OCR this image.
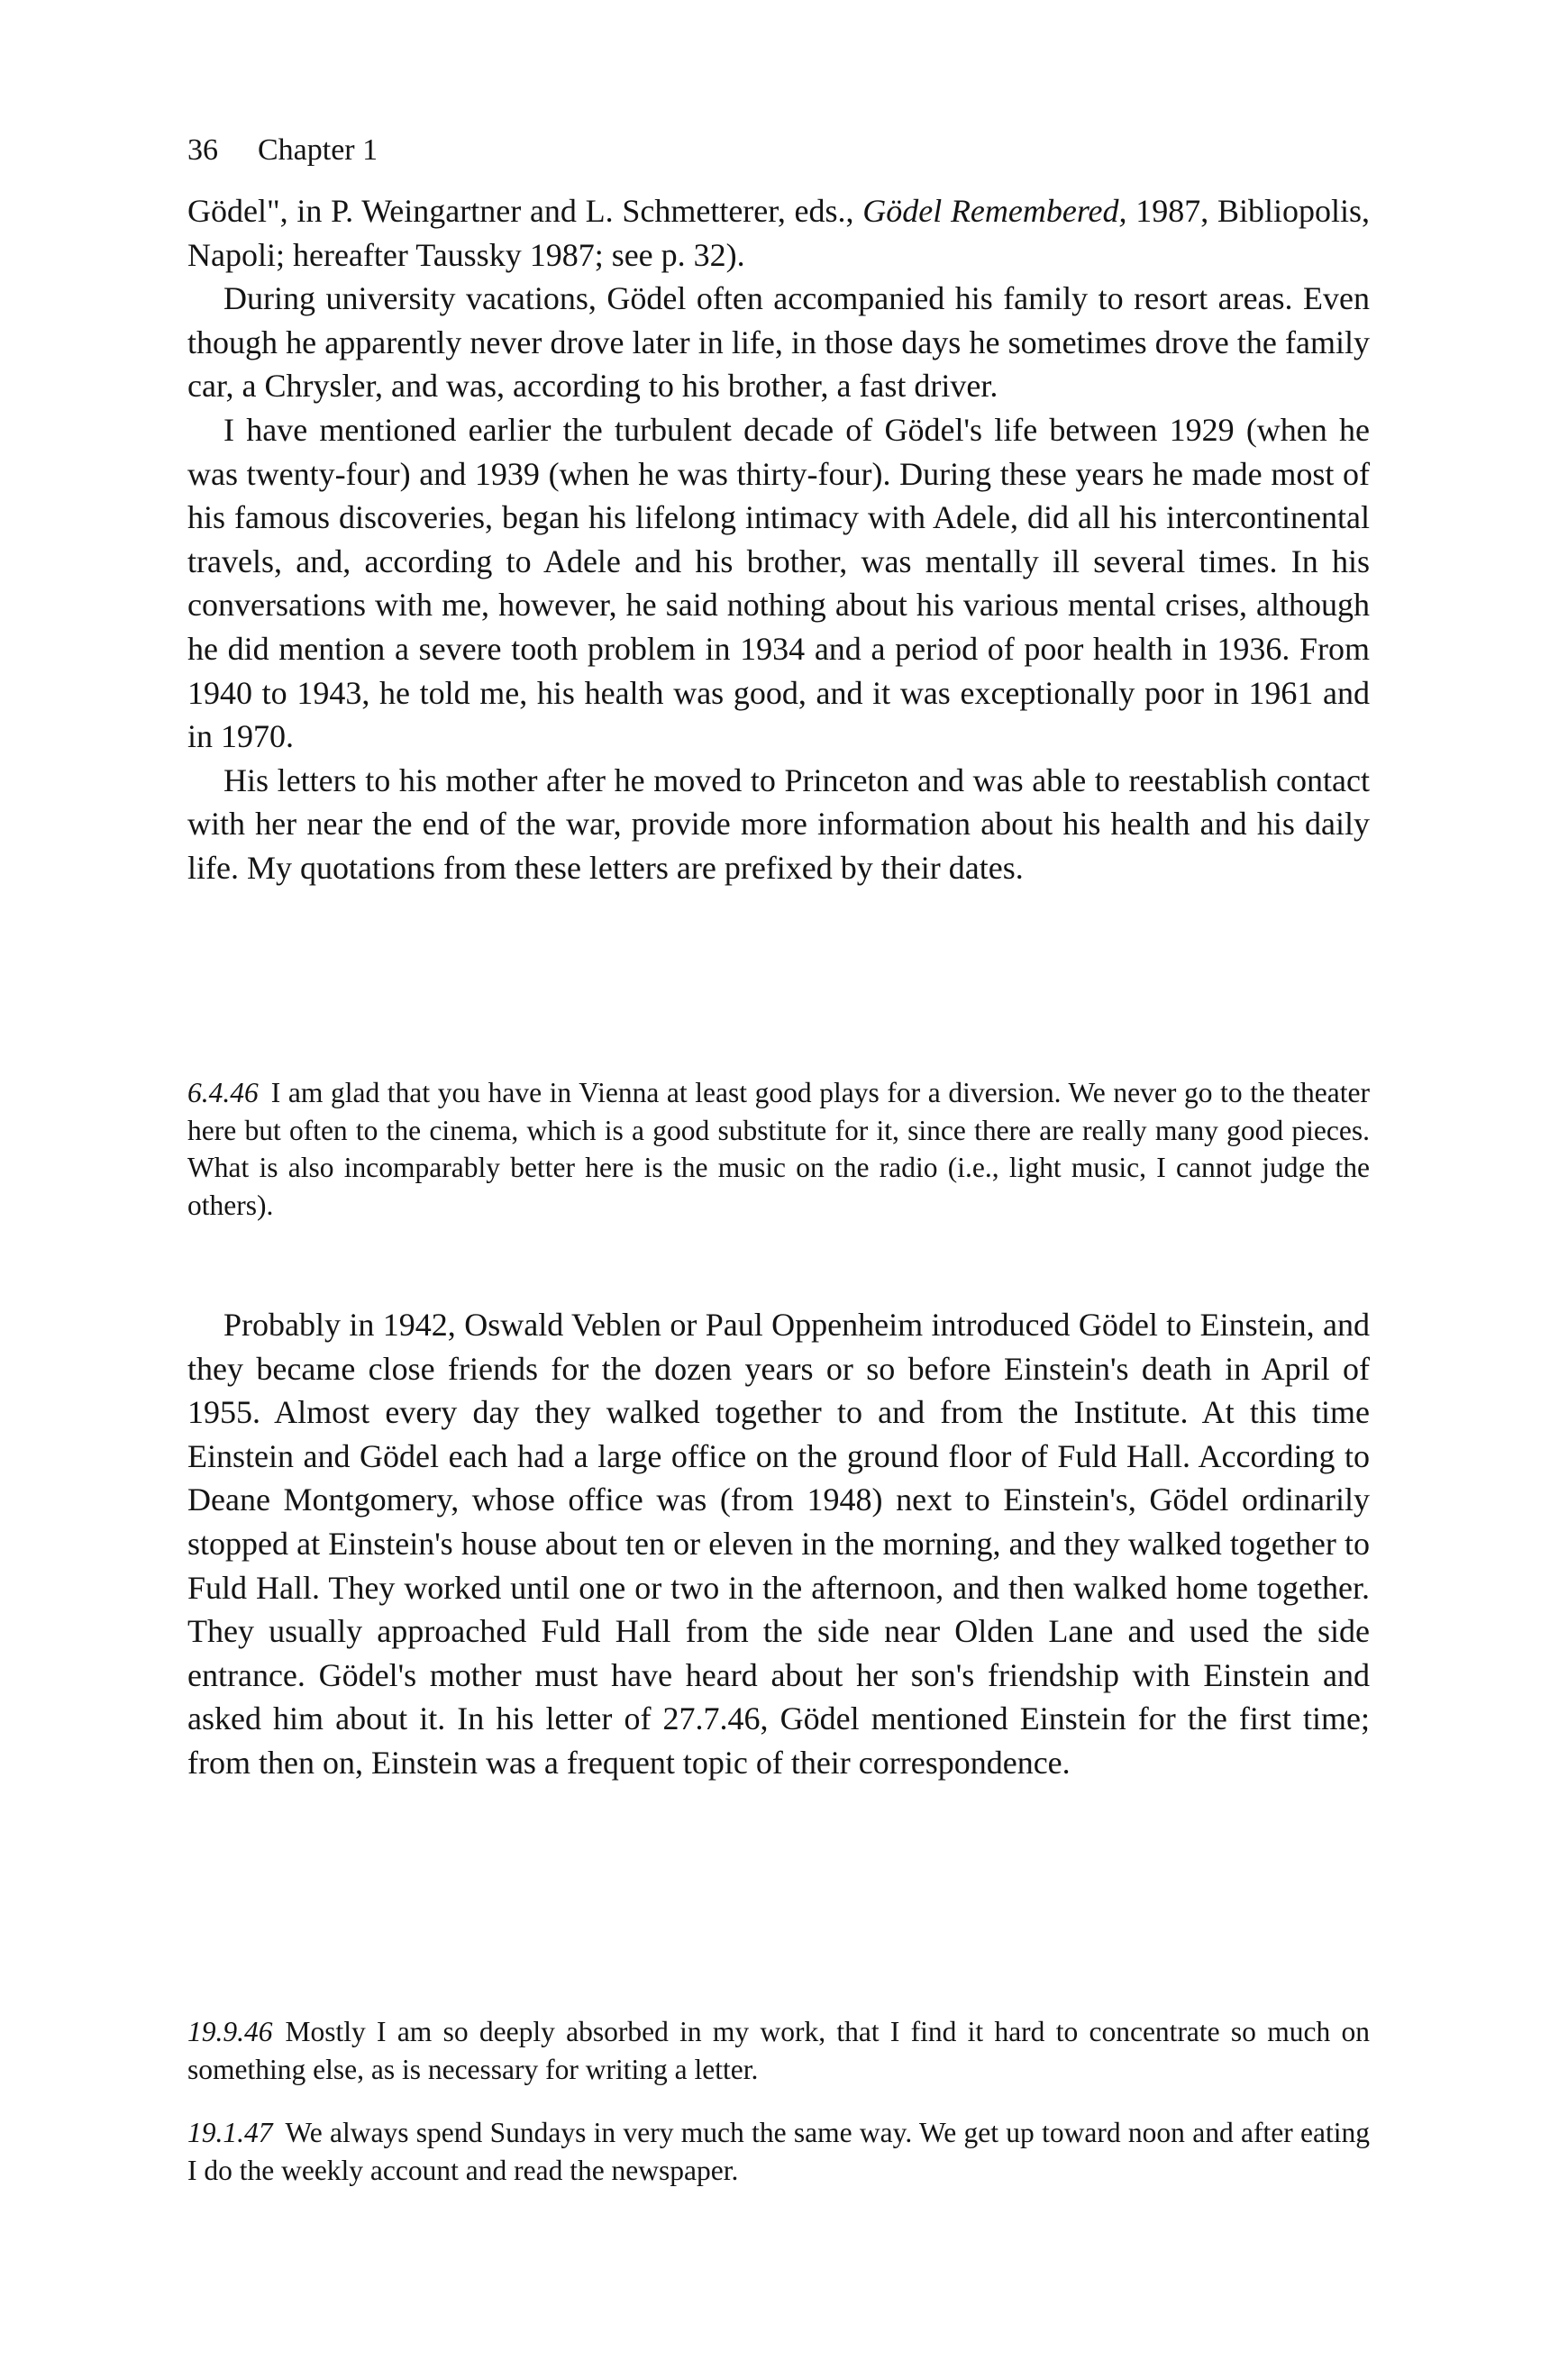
36 Chapter 1

Gödel", in P. Weingartner and L. Schmetterer, eds., Gödel Remembered, 1987, Bibliopolis, Napoli; hereafter Taussky 1987; see p. 32).

During university vacations, Gödel often accompanied his family to resort areas. Even though he apparently never drove later in life, in those days he sometimes drove the family car, a Chrysler, and was, according to his brother, a fast driver.

I have mentioned earlier the turbulent decade of Gödel's life between 1929 (when he was twenty-four) and 1939 (when he was thirty-four). During these years he made most of his famous discoveries, began his lifelong intimacy with Adele, did all his intercontinental travels, and, according to Adele and his brother, was mentally ill several times. In his conversations with me, however, he said nothing about his various mental crises, although he did mention a severe tooth problem in 1934 and a period of poor health in 1936. From 1940 to 1943, he told me, his health was good, and it was exceptionally poor in 1961 and in 1970.

His letters to his mother after he moved to Princeton and was able to reestablish contact with her near the end of the war, provide more information about his health and his daily life. My quotations from these letters are prefixed by their dates.

6.4.46 I am glad that you have in Vienna at least good plays for a diversion. We never go to the theater here but often to the cinema, which is a good substitute for it, since there are really many good pieces. What is also incomparably better here is the music on the radio (i.e., light music, I cannot judge the others).

Probably in 1942, Oswald Veblen or Paul Oppenheim introduced Gödel to Einstein, and they became close friends for the dozen years or so before Einstein's death in April of 1955. Almost every day they walked together to and from the Institute. At this time Einstein and Gödel each had a large office on the ground floor of Fuld Hall. According to Deane Montgomery, whose office was (from 1948) next to Einstein's, Gödel ordinarily stopped at Einstein's house about ten or eleven in the morning, and they walked together to Fuld Hall. They worked until one or two in the afternoon, and then walked home together. They usually approached Fuld Hall from the side near Olden Lane and used the side entrance. Gödel's mother must have heard about her son's friendship with Einstein and asked him about it. In his letter of 27.7.46, Gödel mentioned Einstein for the first time; from then on, Einstein was a frequent topic of their correspondence.

19.9.46 Mostly I am so deeply absorbed in my work, that I find it hard to concentrate so much on something else, as is necessary for writing a letter.

19.1.47 We always spend Sundays in very much the same way. We get up toward noon and after eating I do the weekly account and read the newspaper.
